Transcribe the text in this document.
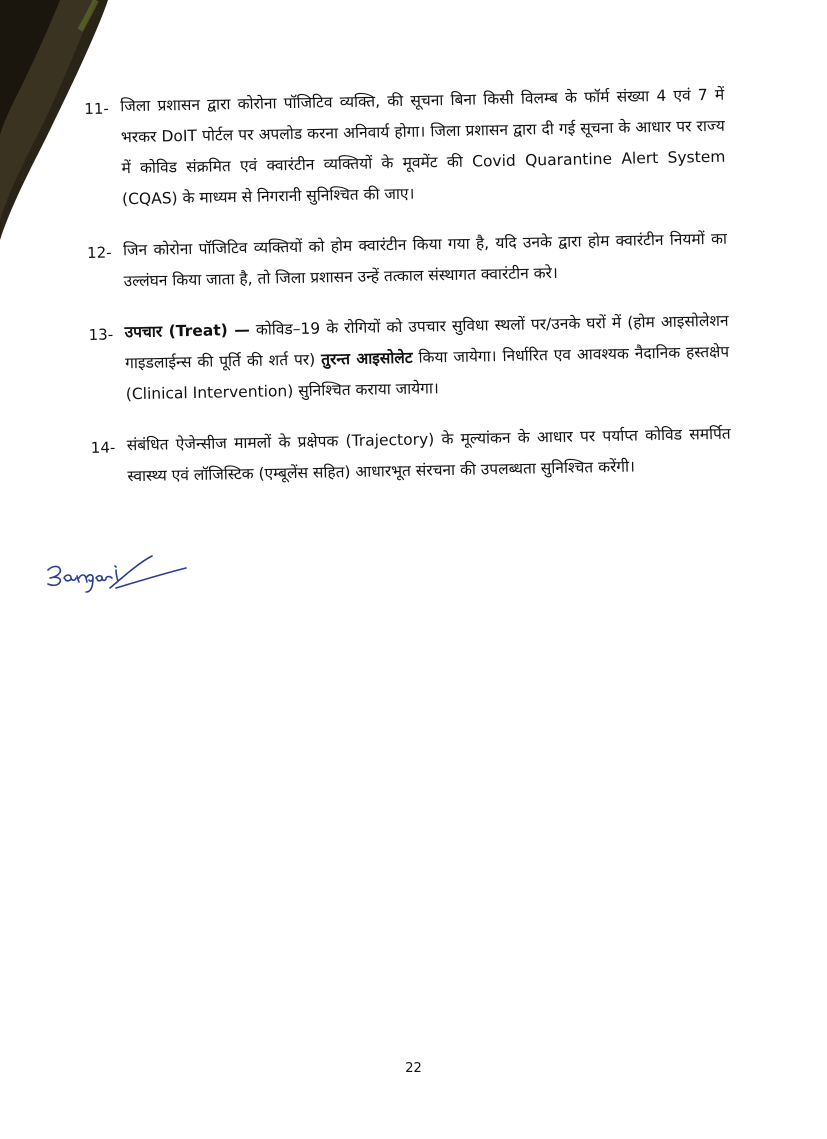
11- जिला प्रशासन द्वारा कोरोना पॉजिटिव व्यक्ति, की सूचना बिना किसी विलम्ब के फॉर्म संख्या 4 एवं 7 में भरकर DoIT पोर्टल पर अपलोड करना अनिवार्य होगा। जिला प्रशासन द्वारा दी गई सूचना के आधार पर राज्य में कोविड संक्रमित एवं क्वारंटीन व्यक्तियों के मूवमेंट की Covid Quarantine Alert System (CQAS) के माध्यम से निगरानी सुनिश्चित की जाए।
12- जिन कोरोना पॉजिटिव व्यक्तियों को होम क्वारंटीन किया गया है, यदि उनके द्वारा होम क्वारंटीन नियमों का उल्लंघन किया जाता है, तो जिला प्रशासन उन्हें तत्काल संस्थागत क्वारंटीन करे।
13- उपचार (Treat) — कोविड–19 के रोगियों को उपचार सुविधा स्थलों पर/उनके घरों में (होम आइसोलेशन गाइडलाईन्स की पूर्ति की शर्त पर) तुरन्त आइसोलेट किया जायेगा। निर्धारित एव आवश्यक नैदानिक हस्तक्षेप (Clinical Intervention) सुनिश्चित कराया जायेगा।
14- संबंधित ऐजेन्सीज मामलों के प्रक्षेपक (Trajectory) के मूल्यांकन के आधार पर पर्याप्त कोविड समर्पित स्वास्थ्य एवं लॉजिस्टिक (एम्बूलेंस सहित) आधारभूत संरचना की उपलब्धता सुनिश्चित करेंगी।
22
